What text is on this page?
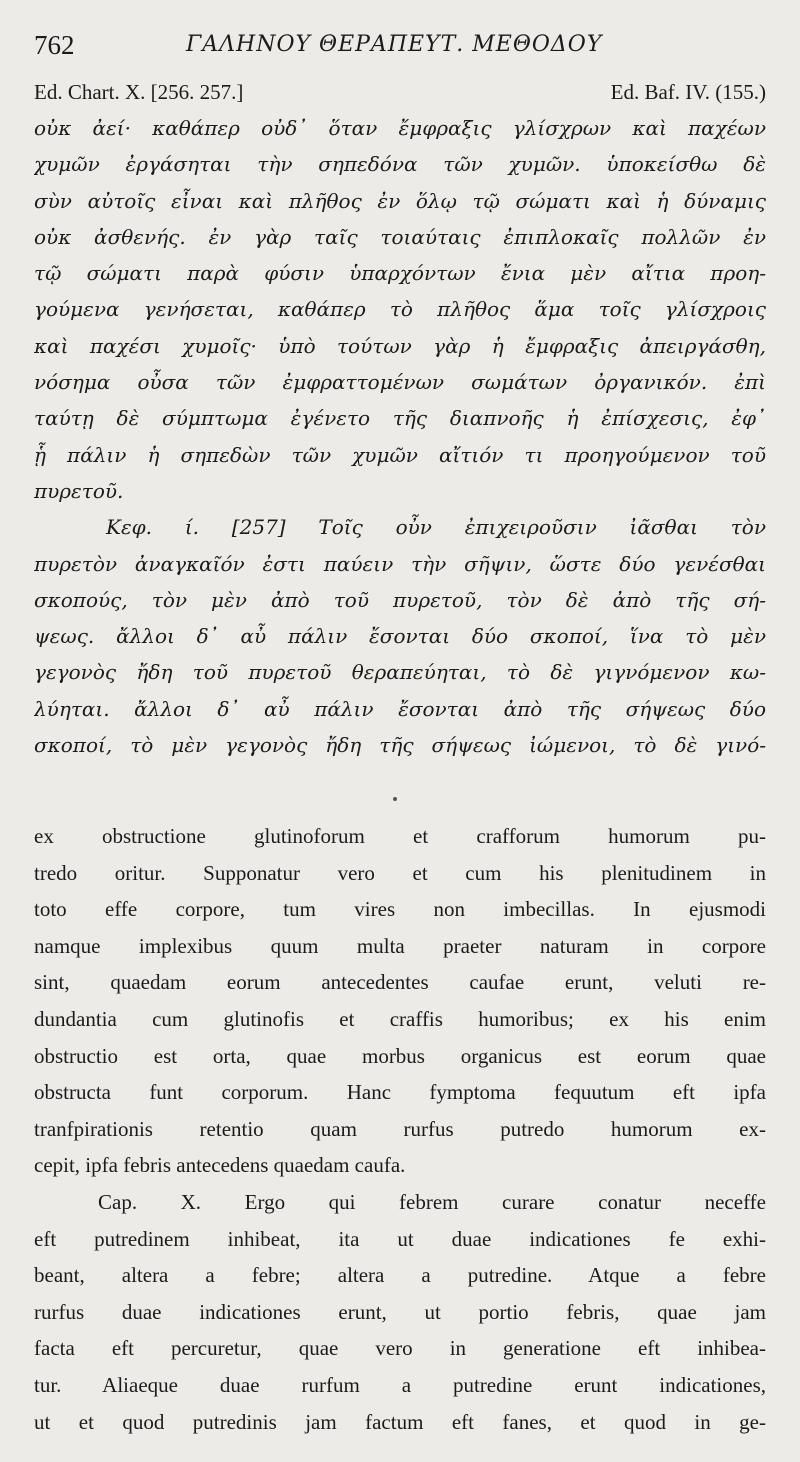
762	ΓΑΛΗΝΟΥ ΘΕΡΑΠΕΥΤ. ΜΕΘΟΔΟΥ
Ed. Chart. X. [256. 257.]	Ed. Baf. IV. (155.)
οὐκ ἀεί· καθάπερ οὐδ᾽ ὅταν ἔμφραξις γλίσχρων καὶ παχέων
χυμῶν ἐργάσηται τὴν σηπεδόνα τῶν χυμῶν. ὑποκείσθω δὲ
σὺν αὐτοῖς εἶναι καὶ πλῆθος ἐν ὅλῳ τῷ σώματι καὶ ἡ δύναμις
οὐκ ἀσθενής. ἐν γὰρ ταῖς τοιαύταις ἐπιπλοκαῖς πολλῶν ἐν
τῷ σώματι παρὰ φύσιν ὑπαρχόντων ἔνια μὲν αἴτια προη-
γούμενα γενήσεται, καθάπερ τὸ πλῆθος ἅμα τοῖς γλίσχροις
καὶ παχέσι χυμοῖς· ὑπὸ τούτων γὰρ ἡ ἔμφραξις ἀπειργάσθη,
νόσημα οὖσα τῶν ἐμφραττομένων σωμάτων ὀργανικόν. ἐπὶ
ταύτῃ δὲ σύμπτωμα ἐγένετο τῆς διαπνοῆς ἡ ἐπίσχεσις, ἐφ᾽
ᾗ πάλιν ἡ σηπεδὼν τῶν χυμῶν αἴτιόν τι προηγούμενον τοῦ
πυρετοῦ.
Κεφ. ί. [257] Τοῖς οὖν ἐπιχειροῦσιν ἰᾶσθαι τὸν
πυρετὸν ἀναγκαῖόν ἐστι παύειν τὴν σῆψιν, ὥστε δύο γενέσθαι
σκοπούς, τὸν μὲν ἀπὸ τοῦ πυρετοῦ, τὸν δὲ ἀπὸ τῆς σή-
ψεως. ἄλλοι δ᾽ αὖ πάλιν ἔσονται δύο σκοποί, ἵνα τὸ μὲν
γεγονὸς ἤδη τοῦ πυρετοῦ θεραπεύηται, τὸ δὲ γιγνόμενον κω-
λύηται. ἄλλοι δ᾽ αὖ πάλιν ἔσονται ἀπὸ τῆς σήψεως δύο
σκοποί, τὸ μὲν γεγονὸς ἤδη τῆς σήψεως ἰώμενοι, τὸ δὲ γινό-
ex obstructione glutinoforum et crafforum humorum pu-
tredo oritur. Supponatur vero et cum his plenitudinem in
toto effe corpore, tum vires non imbecillas. In ejusmodi
namque implexibus quum multa praeter naturam in corpore
sint, quaedam eorum antecedentes caufae erunt, veluti re-
dundantia cum glutinofis et craffis humoribus; ex his enim
obstructio est orta, quae morbus organicus est eorum quae
obstructa funt corporum. Hanc fymptoma fequutum eft ipfa
tranfpirationis retentio quam rurfus putredo humorum ex-
cepit, ipfa febris antecedens quaedam caufa.
Cap. X. Ergo qui febrem curare conatur neceffe
eft putredinem inhibeat, ita ut duae indicationes fe exhi-
beant, altera a febre; altera a putredine. Atque a febre
rurfus duae indicationes erunt, ut portio febris, quae jam
facta eft percuretur, quae vero in generatione eft inhibea-
tur. Aliaeque duae rurfum a putredine erunt indicationes,
ut et quod putredinis jam factum eft fanes, et quod in ge-
